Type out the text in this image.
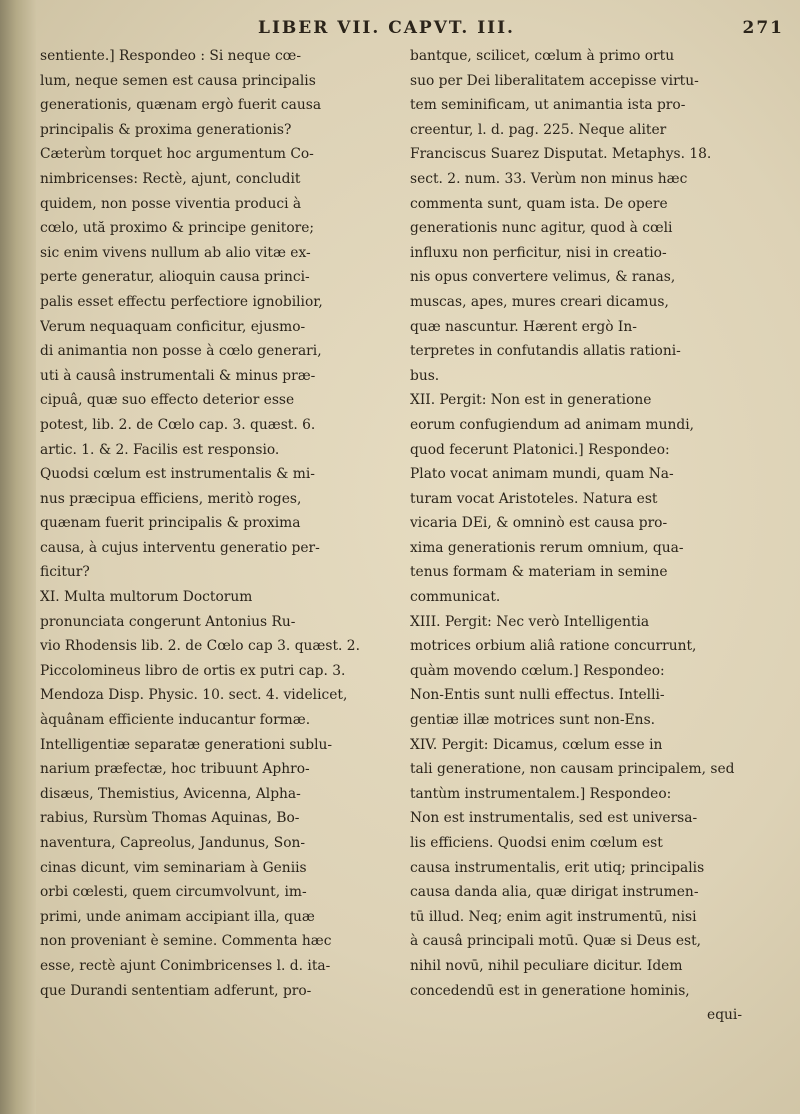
LIBER VII. CAPVT. III.	271
sentiente.] Respondeo : Si neque cœ-
lum, neque semen est causa principalis
generationis, quænam ergò fuerit causa
principalis & proxima generationis?
Cæterùm torquet hoc argumentum Co-
nimbricenses: Rectè, ajunt, concludit
quidem, non posse viventia produci à
cœlo, ută proximo & principe genitore;
sic enim vivens nullum ab alio vitæ ex-
perte generatur, alioquin causa princi-
palis esset effectu perfectiore ignobilior,
Verum nequaquam conficitur, ejusmo-
di animantia non posse à cœlo generari,
uti à causâ instrumentali & minus præ-
cipuâ, quæ suo effecto deterior esse
potest, lib. 2. de Cœlo cap. 3. quæst. 6.
artic. 1. & 2. Facilis est responsio.
Quodsi cœlum est instrumentalis & mi-
nus præcipua efficiens, meritò roges,
quænam fuerit principalis & proxima
causa, à cujus interventu generatio per-
ficitur?
XI. Multa multorum Doctorum
pronunciata congerunt Antonius Ru-
vio Rhodensis lib. 2. de Cœlo cap 3. quæst. 2.
Piccolomineus libro de ortis ex putri cap. 3.
Mendoza Disp. Physic. 10. sect. 4. videlicet,
àquânam efficiente inducantur formæ.
Intelligentiæ separatæ generationi sublu-
narium præfectæ, hoc tribuunt Aphro-
disæus, Themistius, Avicenna, Alpha-
rabius, Rursùm Thomas Aquinas, Bo-
naventura, Capreolus, Jandunus, Son-
cinas dicunt, vim seminariam à Geniis
orbi cœlesti, quem circumvolvunt, im-
primi, unde animam accipiant illa, quæ
non proveniant è semine. Commenta hæc
esse, rectè ajunt Conimbricenses l. d. ita-
que Durandi sententiam adferunt, pro-
bantque, scilicet, cœlum à primo ortu
suo per Dei liberalitatem accepisse virtu-
tem seminificam, ut animantia ista pro-
creentur, l. d. pag. 225. Neque aliter
Franciscus Suarez Disputat. Metaphys. 18.
sect. 2. num. 33. Verùm non minus hæc
commenta sunt, quam ista. De opere
generationis nunc agitur, quod à cœli
influxu non perficitur, nisi in creatio-
nis opus convertere velimus, & ranas,
muscas, apes, mures creari dicamus,
quæ nascuntur. Hærent ergò In-
terpretes in confutandis allatis rationi-
bus.
XII. Pergit: Non est in generatione
eorum confugiendum ad animam mundi,
quod fecerunt Platonici.] Respondeo:
Plato vocat animam mundi, quam Na-
turam vocat Aristoteles. Natura est
vicaria DEi, & omninò est causa pro-
xima generationis rerum omnium, qua-
tenus formam & materiam in semine
communicat.
XIII. Pergit: Nec verò Intelligentia
motrices orbium aliâ ratione concurrunt,
quàm movendo cœlum.] Respondeo:
Non-Entis sunt nulli effectus. Intelli-
gentiæ illæ motrices sunt non-Ens.
XIV. Pergit: Dicamus, cœlum esse in
tali generatione, non causam principalem, sed
tantùm instrumentalem.] Respondeo:
Non est instrumentalis, sed est universa-
lis efficiens. Quodsi enim cœlum est
causa instrumentalis, erit utiq; principalis
causa danda alia, quæ dirigat instrumen-
tū illud. Neq; enim agit instrumentū, nisi
à causâ principali motū. Quæ si Deus est,
nihil novū, nihil peculiare dicitur. Idem
concedendū est in generatione hominis,
equi-
